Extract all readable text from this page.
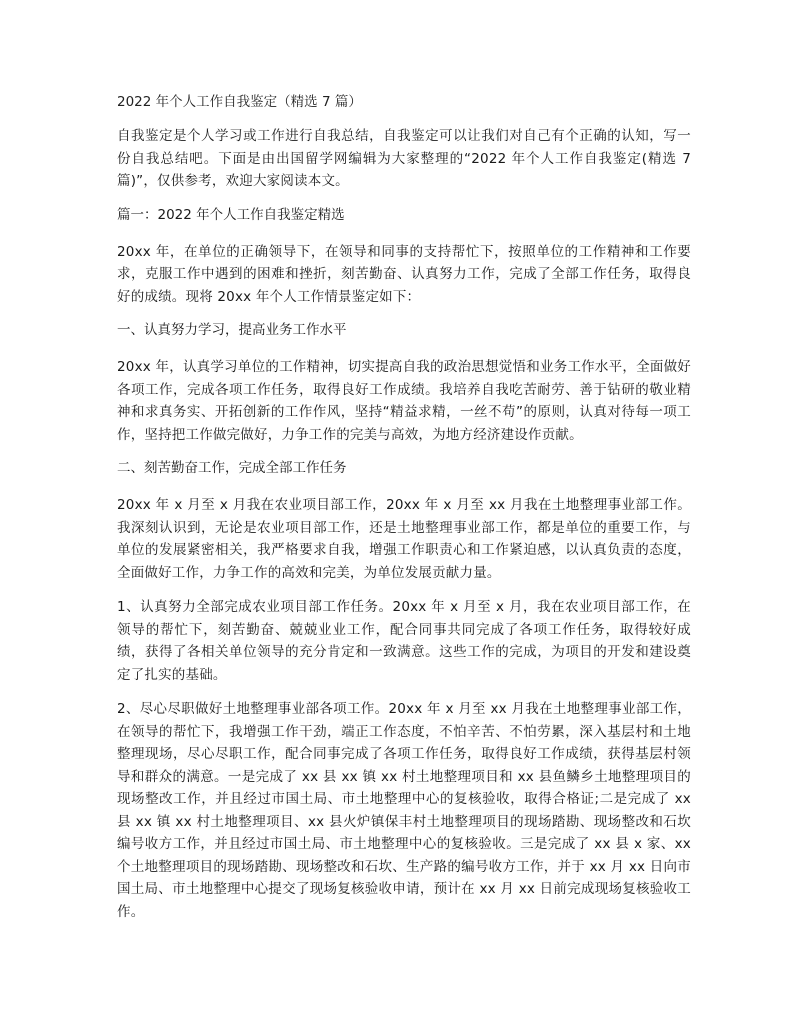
2022 年个人工作自我鉴定（精选 7 篇）

自我鉴定是个人学习或工作进行自我总结，自我鉴定可以让我们对自己有个正确的认知，写一份自我总结吧。下面是由出国留学网编辑为大家整理的“2022 年个人工作自我鉴定(精选 7 篇)”，仅供参考，欢迎大家阅读本文。

篇一：2022 年个人工作自我鉴定精选

20xx 年，在单位的正确领导下，在领导和同事的支持帮忙下，按照单位的工作精神和工作要求，克服工作中遇到的困难和挫折，刻苦勤奋、认真努力工作，完成了全部工作任务，取得良好的成绩。现将 20xx 年个人工作情景鉴定如下：

一、认真努力学习，提高业务工作水平

20xx 年，认真学习单位的工作精神，切实提高自我的政治思想觉悟和业务工作水平，全面做好各项工作，完成各项工作任务，取得良好工作成绩。我培养自我吃苦耐劳、善于钻研的敬业精神和求真务实、开拓创新的工作作风，坚持“精益求精，一丝不苟”的原则，认真对待每一项工作，坚持把工作做完做好，力争工作的完美与高效，为地方经济建设作贡献。

二、刻苦勤奋工作，完成全部工作任务

20xx 年 x 月至 x 月我在农业项目部工作，20xx 年 x 月至 xx 月我在土地整理事业部工作。我深刻认识到，无论是农业项目部工作，还是土地整理事业部工作，都是单位的重要工作，与单位的发展紧密相关，我严格要求自我，增强工作职责心和工作紧迫感，以认真负责的态度，全面做好工作，力争工作的高效和完美，为单位发展贡献力量。

1、认真努力全部完成农业项目部工作任务。20xx 年 x 月至 x 月，我在农业项目部工作，在领导的帮忙下，刻苦勤奋、兢兢业业工作，配合同事共同完成了各项工作任务，取得较好成绩，获得了各相关单位领导的充分肯定和一致满意。这些工作的完成，为项目的开发和建设奠定了扎实的基础。

2、尽心尽职做好土地整理事业部各项工作。20xx 年 x 月至 xx 月我在土地整理事业部工作，在领导的帮忙下，我增强工作干劲，端正工作态度，不怕辛苦、不怕劳累，深入基层村和土地整理现场，尽心尽职工作，配合同事完成了各项工作任务，取得良好工作成绩，获得基层村领导和群众的满意。一是完成了 xx 县 xx 镇 xx 村土地整理项目和 xx 县鱼鳞乡土地整理项目的现场整改工作，并且经过市国土局、市土地整理中心的复核验收，取得合格证;二是完成了 xx 县 xx 镇 xx 村土地整理项目、xx 县火炉镇保丰村土地整理项目的现场踏勘、现场整改和石坎编号收方工作，并且经过市国土局、市土地整理中心的复核验收。三是完成了 xx 县 x 家、xx 个土地整理项目的现场踏勘、现场整改和石坎、生产路的编号收方工作，并于 xx 月 xx 日向市国土局、市土地整理中心提交了现场复核验收申请，预计在 xx 月 xx 日前完成现场复核验收工作。
